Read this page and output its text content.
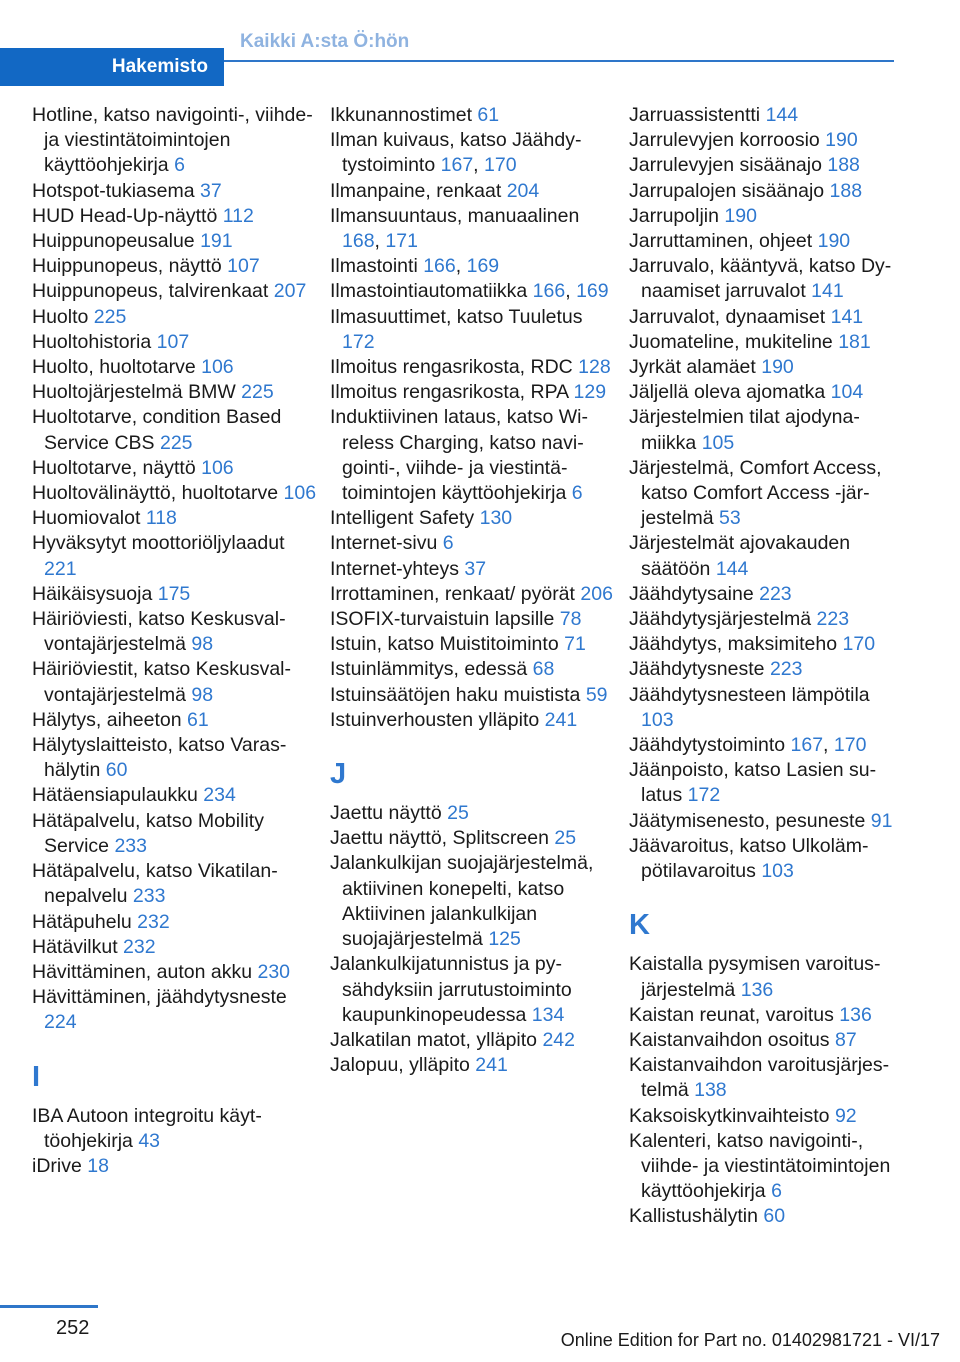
Hakemisto
Kaikki A:sta Ö:hön
Hotline, katso navigointi-, viihde- ja viestintätoimintojen käyttöohjekirja 6
Hotspot-tukiasema 37
HUD Head-Up-näyttö 112
Huippunopeusalue 191
Huippunopeus, näyttö 107
Huippunopeus, talvirenkaat 207
Huolto 225
Huoltohistoria 107
Huolto, huoltotarve 106
Huoltojärjestelmä BMW 225
Huoltotarve, condition Based Service CBS 225
Huoltotarve, näyttö 106
Huoltovälinäyttö, huoltotarve 106
Huomiovalot 118
Hyväksytyt moottoriöljylaadut 221
Häikäisysuoja 175
Häiriöviesti, katso Keskusvalvontajärjestelmä 98
Häiriöviestit, katso Keskusvalvontajärjestelmä 98
Hälytys, aiheeton 61
Hälytyslaitteisto, katso Varashälytin 60
Hätäensiapulaukku 234
Hätäpalvelu, katso Mobility Service 233
Hätäpalvelu, katso Vikatilannepalvelu 233
Hätäpuhelu 232
Hätävilkut 232
Hävittäminen, auton akku 230
Hävittäminen, jäähdytysneste 224
I
IBA Autoon integroitu käyttöohjekirja 43
iDrive 18
Ikkunannostimet 61
Ilman kuivaus, katso Jäähdytystoiminto 167, 170
Ilmanpaine, renkaat 204
Ilmansuuntaus, manuaalinen 168, 171
Ilmastointi 166, 169
Ilmastointiautomatiikka 166, 169
Ilmasuuttimet, katso Tuuletus 172
Ilmoitus rengasrikosta, RDC 128
Ilmoitus rengasrikosta, RPA 129
Induktiivinen lataus, katso Wireless Charging, katso navigointi-, viihde- ja viestintätoimintojen käyttöohjekirja 6
Intelligent Safety 130
Internet-sivu 6
Internet-yhteys 37
Irrottaminen, renkaat/ pyörät 206
ISOFIX-turvaistuin lapsille 78
Istuin, katso Muistitoiminto 71
Istuinlämmitys, edessä 68
Istuinsäätöjen haku muistista 59
Istuinverhousten ylläpito 241
J
Jaettu näyttö 25
Jaettu näyttö, Splitscreen 25
Jalankulkijan suojajärjestelmä, aktiivinen konepelti, katso Aktiivinen jalankulkijan suojajärjestelmä 125
Jalankulkijatunnistus ja pysähdyksiin jarrutustoiminto kaupunkinopeudessa 134
Jalkatilan matot, ylläpito 242
Jalopuu, ylläpito 241
Jarruassistentti 144
Jarrulevyjen korroosio 190
Jarrulevyjen sisäänajo 188
Jarrupalojen sisäänajo 188
Jarrupoljin 190
Jarruttaminen, ohjeet 190
Jarruvalo, kääntyvä, katso Dynaamiset jarruvalot 141
Jarruvalot, dynaamiset 141
Juomateline, mukiteline 181
Jyrkät alamäet 190
Jäljellä oleva ajomatka 104
Järjestelmien tilat ajodynamiikka 105
Järjestelmä, Comfort Access, katso Comfort Access -järjestelmä 53
Järjestelmät ajovakauden säätöön 144
Jäähdytysaine 223
Jäähdytysjärjestelmä 223
Jäähdytys, maksimiteho 170
Jäähdytysneste 223
Jäähdytysnesteen lämpötila 103
Jäähdytystoiminto 167, 170
Jäänpoisto, katso Lasien sulatus 172
Jäätymisenesto, pesuneste 91
Jäävaroitus, katso Ulkolämpötilavaroitus 103
K
Kaistalla pysymisen varoitusjärjestelmä 136
Kaistan reunat, varoitus 136
Kaistanvaihdon osoitus 87
Kaistanvaihdon varoitusjärjestelmä 138
Kaksoiskytkinvaihteisto 92
Kalenteri, katso navigointi-, viihde- ja viestintätoimintojen käyttöohjekirja 6
Kallistushälytin 60
252
Online Edition for Part no. 01402981721 - VI/17
